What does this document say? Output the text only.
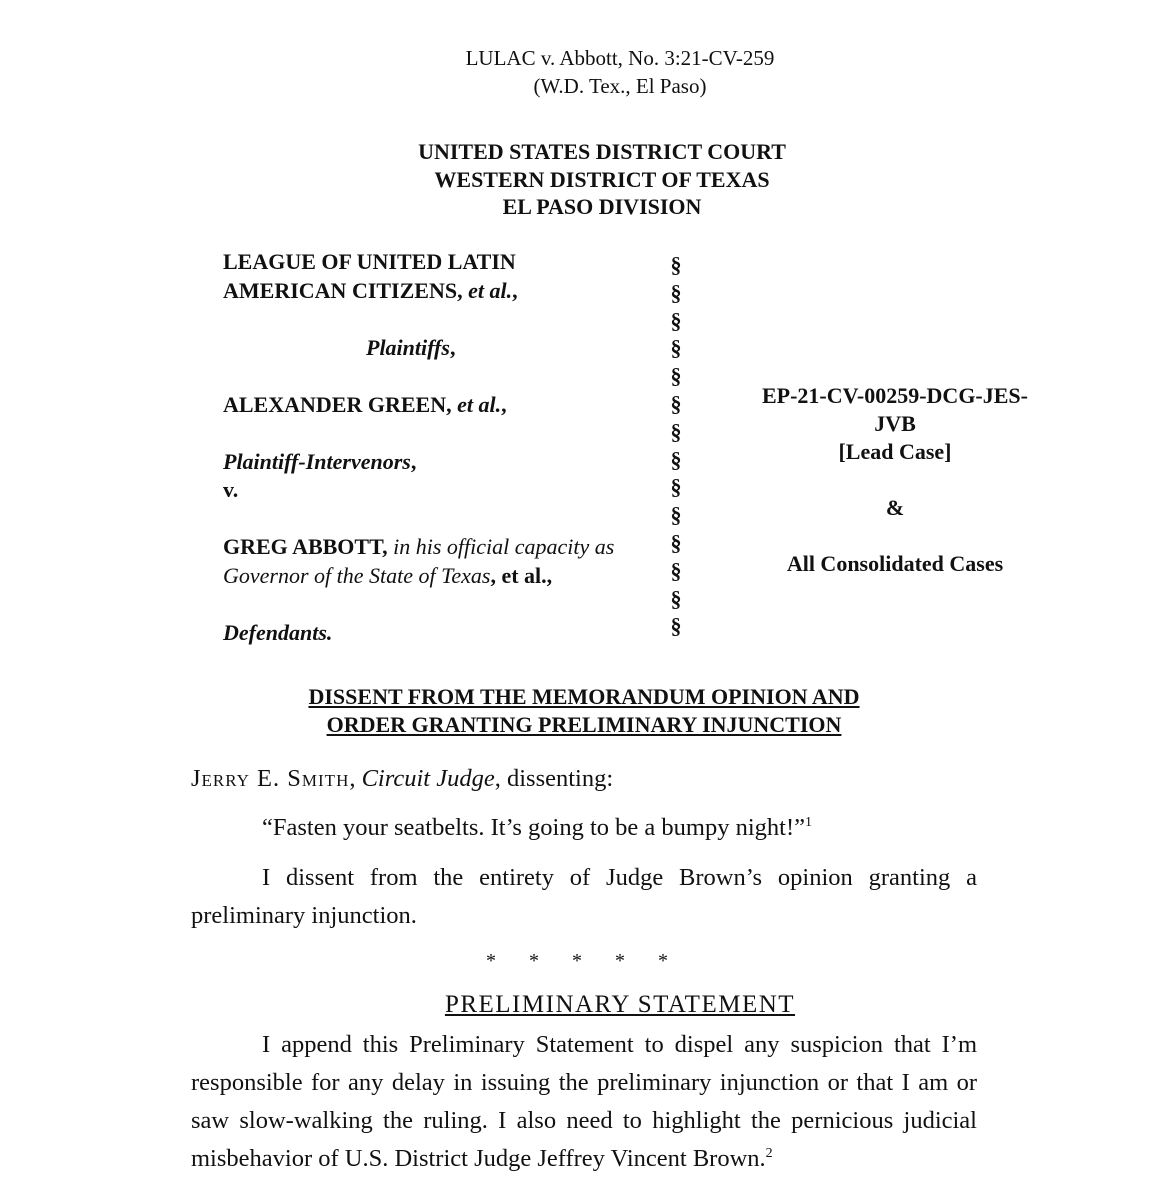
LULAC v. Abbott, No. 3:21-CV-259
(W.D. Tex., El Paso)
UNITED STATES DISTRICT COURT
WESTERN DISTRICT OF TEXAS
EL PASO DIVISION
LEAGUE OF UNITED LATIN
AMERICAN CITIZENS, et al.,
Plaintiffs,
ALEXANDER GREEN, et al.,
Plaintiff-Intervenors,
v.
GREG ABBOTT, in his official capacity as
Governor of the State of Texas, et al.,
Defendants.
§
§
§
§
§
§
§
§
§
§
§
§
§
§
EP-21-CV-00259-DCG-JES-
JVB
[Lead Case]
&
All Consolidated Cases
DISSENT FROM THE MEMORANDUM OPINION AND
ORDER GRANTING PRELIMINARY INJUNCTION
Jerry E. Smith, Circuit Judge, dissenting:
“Fasten your seatbelts. It’s going to be a bumpy night!”$^1$
I dissent from the entirety of Judge Brown’s opinion granting a preliminary injunction.
* * * * *
PRELIMINARY STATEMENT
I append this Preliminary Statement to dispel any suspicion that I’m responsible for any delay in issuing the preliminary injunction or that I am or saw slow-walking the ruling. I also need to highlight the pernicious judicial misbehavior of U.S. District Judge Jeffrey Vincent Brown.$^2$
